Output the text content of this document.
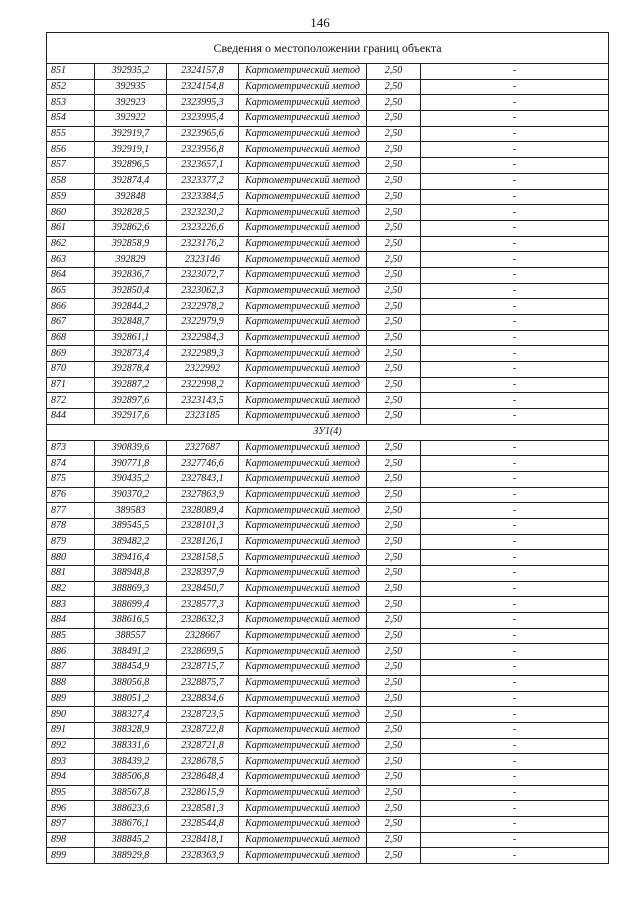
146
Сведения о местоположении границ объекта					
851	392935,2	2324157,8	Картометрический метод	2,50	-
852	392935	2324154,8	Картометрический метод	2,50	-
853	392923	2323995,3	Картометрический метод	2,50	-
854	392922	2323995,4	Картометрический метод	2,50	-
855	392919,7	2323965,6	Картометрический метод	2,50	-
856	392919,1	2323956,8	Картометрический метод	2,50	-
857	392896,5	2323657,1	Картометрический метод	2,50	-
858	392874,4	2323377,2	Картометрический метод	2,50	-
859	392848	2323384,5	Картометрический метод	2,50	-
860	392828,5	2323230,2	Картометрический метод	2,50	-
861	392862,6	2323226,6	Картометрический метод	2,50	-
862	392858,9	2323176,2	Картометрический метод	2,50	-
863	392829	2323146	Картометрический метод	2,50	-
864	392836,7	2323072,7	Картометрический метод	2,50	-
865	392850,4	2323062,3	Картометрический метод	2,50	-
866	392844,2	2322978,2	Картометрический метод	2,50	-
867	392848,7	2322979,9	Картометрический метод	2,50	-
868	392861,1	2322984,3	Картометрический метод	2,50	-
869	392873,4	2322989,3	Картометрический метод	2,50	-
870	392878,4	2322992	Картометрический метод	2,50	-
871	392887,2	2322998,2	Картометрический метод	2,50	-
872	392897,6	2323143,5	Картометрический метод	2,50	-
844	392917,6	2323185	Картометрический метод	2,50	-
ЗУ1(4)					
873	390839,6	2327687	Картометрический метод	2,50	-
874	390771,8	2327746,6	Картометрический метод	2,50	-
875	390435,2	2327843,1	Картометрический метод	2,50	-
876	390370,2	2327863,9	Картометрический метод	2,50	-
877	389583	2328089,4	Картометрический метод	2,50	-
878	389545,5	2328101,3	Картометрический метод	2,50	-
879	389482,2	2328126,1	Картометрический метод	2,50	-
880	389416,4	2328158,5	Картометрический метод	2,50	-
881	388948,8	2328397,9	Картометрический метод	2,50	-
882	388869,3	2328450,7	Картометрический метод	2,50	-
883	388699,4	2328577,3	Картометрический метод	2,50	-
884	388616,5	2328632,3	Картометрический метод	2,50	-
885	388557	2328667	Картометрический метод	2,50	-
886	388491,2	2328699,5	Картометрический метод	2,50	-
887	388454,9	2328715,7	Картометрический метод	2,50	-
888	388056,8	2328875,7	Картометрический метод	2,50	-
889	388051,2	2328834,6	Картометрический метод	2,50	-
890	388327,4	2328723,5	Картометрический метод	2,50	-
891	388328,9	2328722,8	Картометрический метод	2,50	-
892	388331,6	2328721,8	Картометрический метод	2,50	-
893	388439,2	2328678,5	Картометрический метод	2,50	-
894	388506,8	2328648,4	Картометрический метод	2,50	-
895	388567,8	2328615,9	Картометрический метод	2,50	-
896	388623,6	2328581,3	Картометрический метод	2,50	-
897	388676,1	2328544,8	Картометрический метод	2,50	-
898	388845,2	2328418,1	Картометрический метод	2,50	-
899	388929,8	2328363,9	Картометрический метод	2,50	-
